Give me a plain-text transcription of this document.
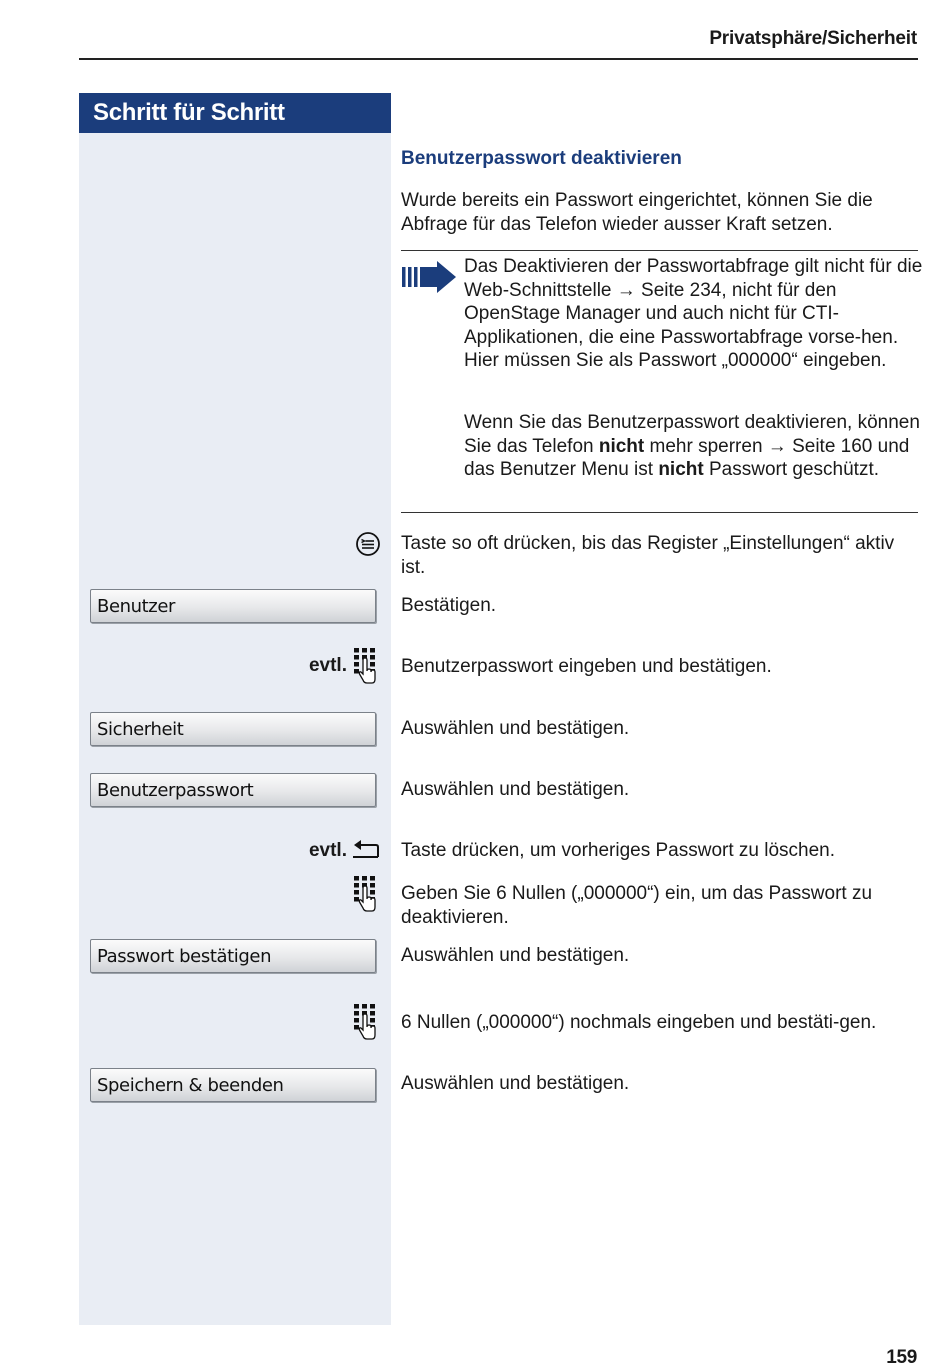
Privatsphäre/Sicherheit
Schritt für Schritt
Benutzerpasswort deaktivieren
Wurde bereits ein Passwort eingerichtet, können Sie die Abfrage für das Telefon wieder ausser Kraft setzen.
Das Deaktivieren der Passwortabfrage gilt nicht für die Web-Schnittstelle → Seite 234, nicht für den OpenStage Manager und auch nicht für CTI-Applikationen, die eine Passwortabfrage vorse-hen. Hier müssen Sie als Passwort „000000“ eingeben.
Wenn Sie das Benutzerpasswort deaktivieren, können Sie das Telefon nicht mehr sperren → Seite 160 und das Benutzer Menu ist nicht Passwort geschützt.
Taste so oft drücken, bis das Register „Einstellungen“ aktiv ist.
Benutzer	Bestätigen.
evtl.	Benutzerpasswort eingeben und bestätigen.
Sicherheit	Auswählen und bestätigen.
Benutzerpasswort	Auswählen und bestätigen.
evtl.	Taste drücken, um vorheriges Passwort zu löschen.
Geben Sie 6 Nullen („000000“) ein, um das Passwort zu deaktivieren.
Passwort bestätigen	Auswählen und bestätigen.
6 Nullen („000000“) nochmals eingeben und bestäti-gen.
Speichern & beenden	Auswählen und bestätigen.
159
